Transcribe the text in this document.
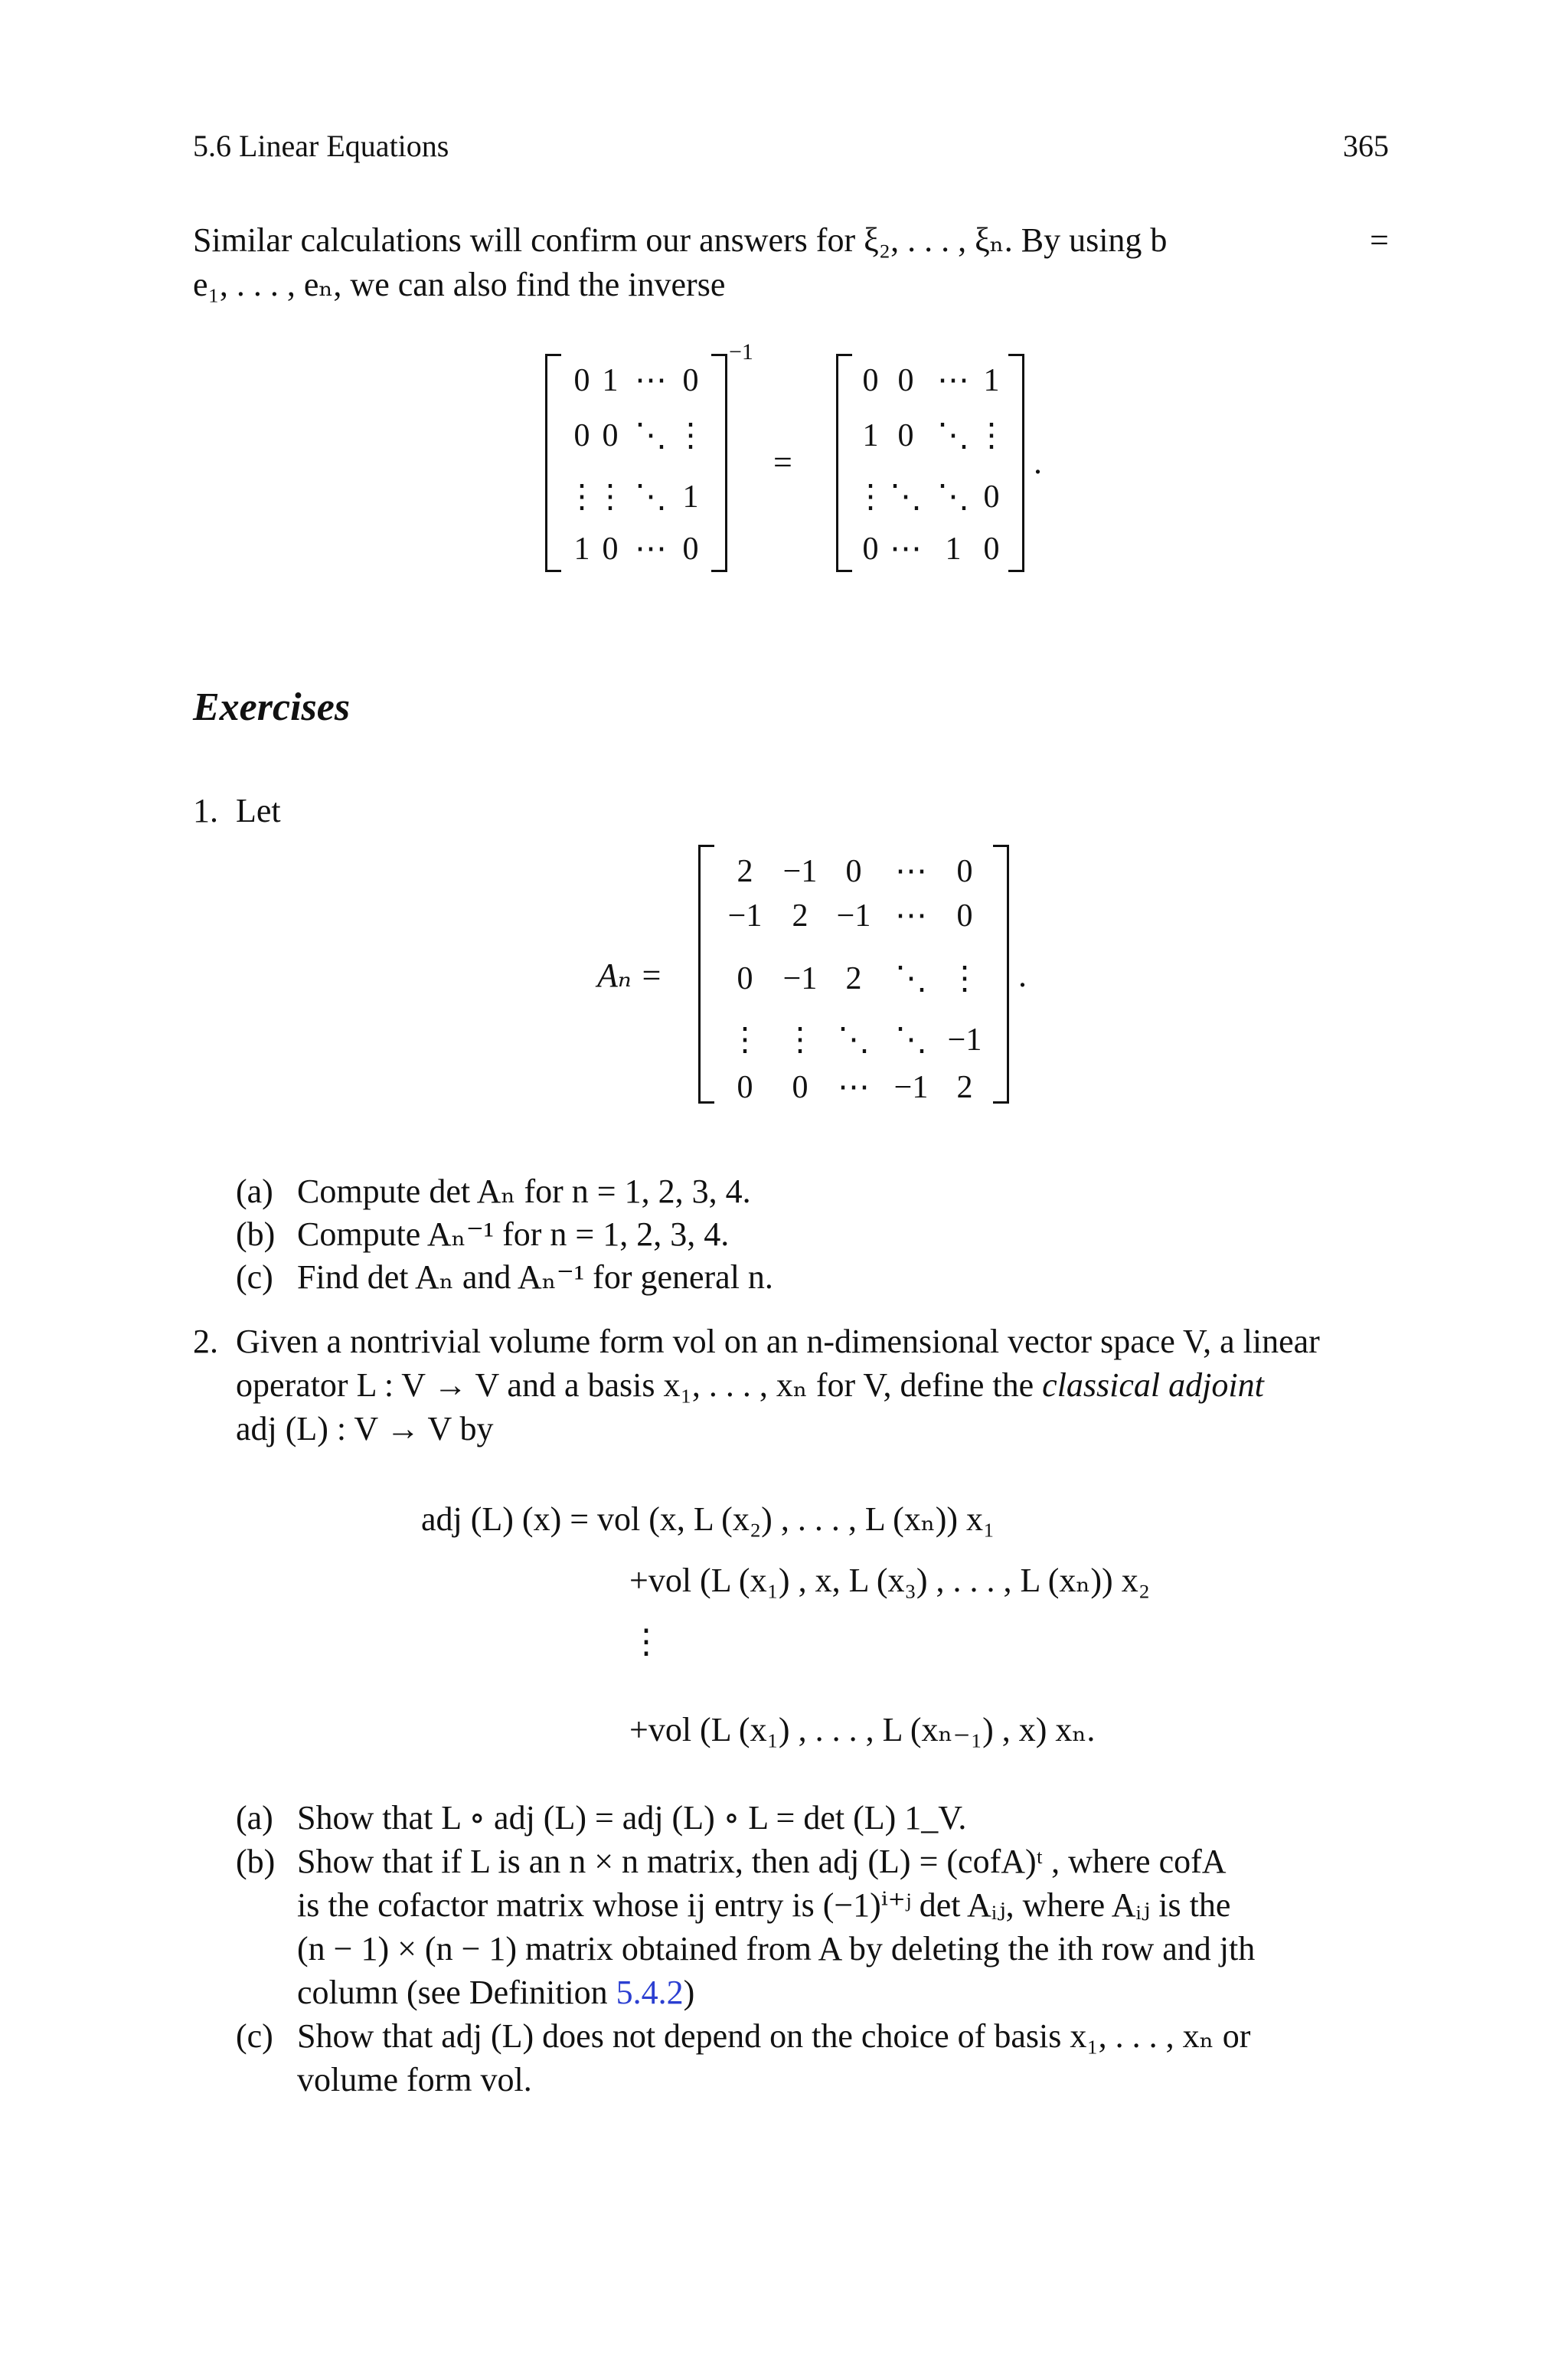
5.6 Linear Equations	365
Similar calculations will confirm our answers for ξ₂, . . . , ξₙ. By using b	=
e₁, . . . , eₙ, we can also find the inverse
0 1 ⋯ 0
0 0 ⋱ ⋮
⋮
⋮ ⋱ 1
1 0 ⋯ 0
−1
=
0 0 ⋯ 1
1 0 ⋱ ⋮
⋮ ⋱ ⋱ 0
0 ⋯ 1 0
.
Exercises
1. Let
Aₙ =
2 −1 0 ⋯ 0
−1 2 −1 ⋯ 0
0 −1 2 ⋱ ⋮
⋮ ⋮ ⋱ ⋱ −1
0 0 ⋯ −1 2
.
(a) Compute det Aₙ for n = 1, 2, 3, 4.
(b) Compute Aₙ⁻¹ for n = 1, 2, 3, 4.
(c) Find det Aₙ and Aₙ⁻¹ for general n.
2. Given a nontrivial volume form vol on an n-dimensional vector space V, a linear
operator L : V → V and a basis x₁, . . . , xₙ for V, define the classical adjoint
adj (L) : V → V by
adj (L) (x) = vol (x, L (x₂) , . . . , L (xₙ)) x₁
+vol (L (x₁) , x, L (x₃) , . . . , L (xₙ)) x₂
⋮
+vol (L (x₁) , . . . , L (xₙ₋₁) , x) xₙ.
(a) Show that L ∘ adj (L) = adj (L) ∘ L = det (L) 1_V.
(b) Show that if L is an n × n matrix, then adj (L) = (cofA)ᵗ , where cofA
is the cofactor matrix whose ij entry is (−1)ⁱ⁺ʲ det Aᵢⱼ, where Aᵢⱼ is the
(n − 1) × (n − 1) matrix obtained from A by deleting the ith row and jth
column (see Definition 5.4.2)
(c) Show that adj (L) does not depend on the choice of basis x₁, . . . , xₙ or
volume form vol.
